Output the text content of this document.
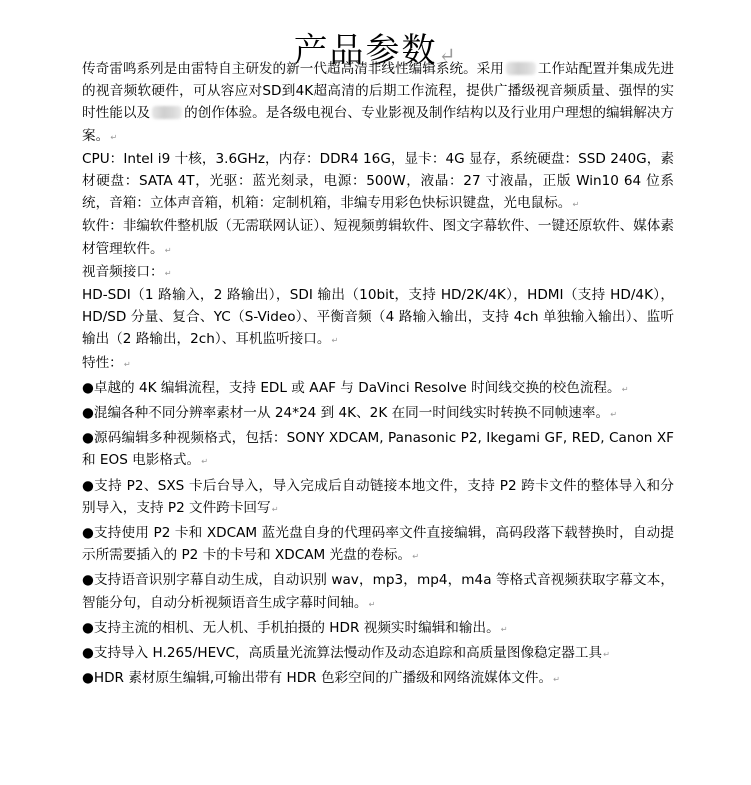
产品参数↵

传奇雷鸣系列是由雷特自主研发的新一代超高清非线性编辑系统。采用	工作站配置并集成先进的视音频软硬件，可从容应对SD到4K超高清的后期工作流程，提供广播级视音频质量、强悍的实时性能以及	的创作体验。是各级电视台、专业影视及制作结构以及行业用户理想的编辑解决方案。↵

CPU：Intel i9 十核，3.6GHz，内存：DDR4 16G，显卡：4G 显存，系统硬盘：SSD 240G，素材硬盘：SATA 4T，光驱：蓝光刻录，电源：500W，液晶：27 寸液晶，正版 Win10 64 位系统，音箱：立体声音箱，机箱：定制机箱，非编专用彩色快标识键盘，光电鼠标。↵

软件：非编软件整机版（无需联网认证）、短视频剪辑软件、图文字幕软件、一键还原软件、媒体素材管理软件。↵

视音频接口：↵

HD-SDI（1 路输入，2 路输出），SDI 输出（10bit，支持 HD/2K/4K），HDMI（支持 HD/4K），HD/SD 分量、复合、YC（S-Video）、平衡音频（4 路输入输出，支持 4ch 单独输入输出）、监听输出（2 路输出，2ch）、耳机监听接口。↵

特性：↵

●卓越的 4K 编辑流程，支持 EDL 或 AAF 与 DaVinci Resolve 时间线交换的校色流程。↵

●混编各种不同分辨率素材一从 24*24 到 4K、2K 在同一时间线实时转换不同帧速率。↵

●源码编辑多种视频格式，包括：SONY XDCAM, Panasonic P2, Ikegami GF, RED, Canon XF 和 EOS 电影格式。↵

●支持 P2、SXS 卡后台导入，导入完成后自动链接本地文件，支持 P2 跨卡文件的整体导入和分别导入，支持 P2 文件跨卡回写↵

●支持使用 P2 卡和 XDCAM 蓝光盘自身的代理码率文件直接编辑，高码段落下载替换时，自动提示所需要插入的 P2 卡的卡号和 XDCAM 光盘的卷标。↵

●支持语音识别字幕自动生成，自动识别 wav，mp3，mp4，m4a 等格式音视频获取字幕文本，智能分句，自动分析视频语音生成字幕时间轴。↵

●支持主流的相机、无人机、手机拍摄的 HDR 视频实时编辑和输出。↵

●支持导入 H.265/HEVC，高质量光流算法慢动作及动态追踪和高质量图像稳定器工具↵

●HDR 素材原生编辑,可输出带有 HDR 色彩空间的广播级和网络流媒体文件。↵
